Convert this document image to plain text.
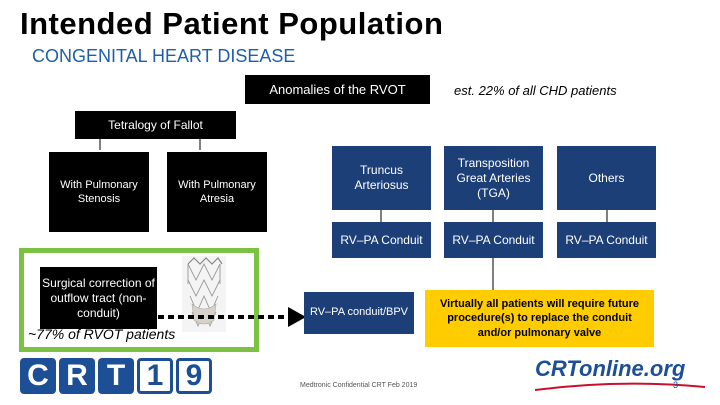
Intended Patient Population
CONGENITAL HEART DISEASE
Anomalies of the RVOT	est. 22% of all CHD patients
Tetralogy of Fallot
With Pulmonary Stenosis
With Pulmonary Atresia
Truncus Arteriosus
Transposition Great Arteries (TGA)
Others
RV–PA Conduit RV–PA Conduit	RV–PA Conduit
Surgical correction of outflow tract (non-conduit)
~77% of RVOT patients
RV–PA conduit/BPV
Virtually all patients will require future procedure(s) to replace the conduit and/or pulmonary valve
C R T 1 9	Medtronic Confidential CRT Feb 2019
CRTonline.org
3
